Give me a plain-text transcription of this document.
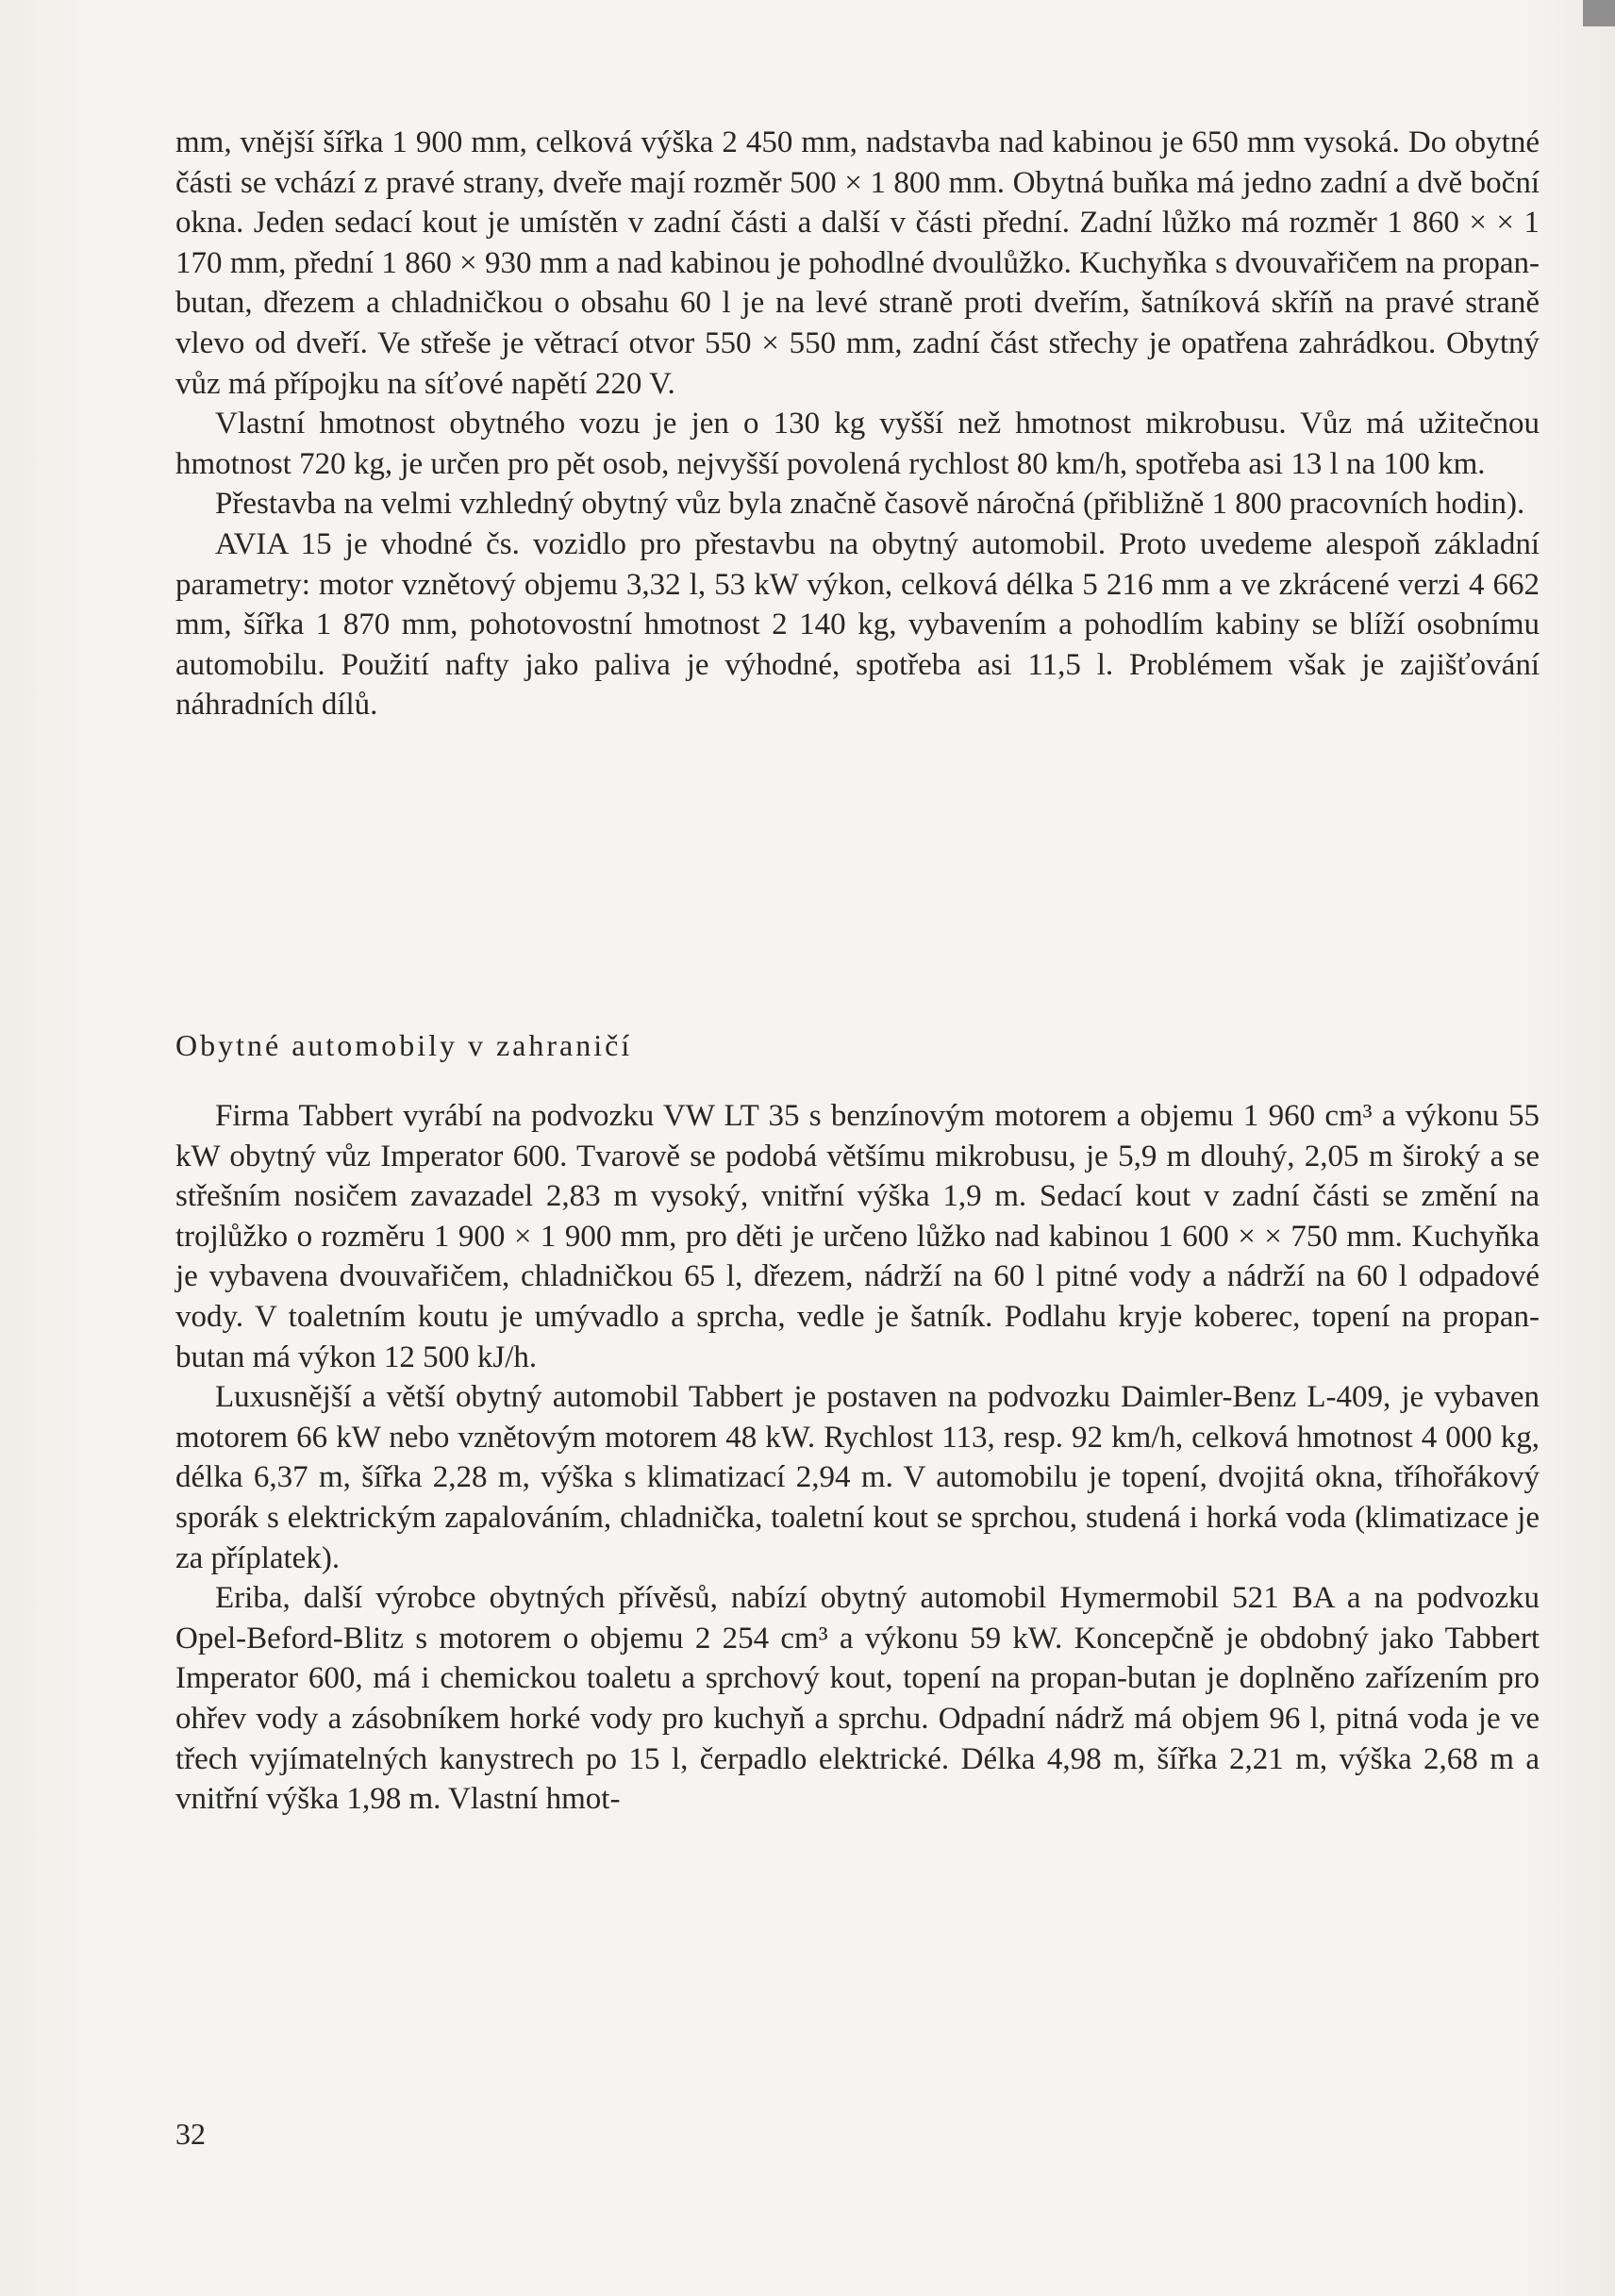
mm, vnější šířka 1 900 mm, celková výška 2 450 mm, nadstavba nad kabinou je 650 mm vysoká. Do obytné části se vchází z pravé strany, dveře mají rozměr 500 × 1 800 mm. Obytná buňka má jedno zadní a dvě boční okna. Jeden sedací kout je umístěn v zadní části a další v části přední. Zadní lůžko má rozměr 1 860 × × 1 170 mm, přední 1 860 × 930 mm a nad kabinou je pohodlné dvoulůžko. Kuchyňka s dvouvařičem na propan-butan, dřezem a chladničkou o obsahu 60 l je na levé straně proti dveřím, šatníková skříň na pravé straně vlevo od dveří. Ve střeše je větrací otvor 550 × 550 mm, zadní část střechy je opatřena zahrádkou. Obytný vůz má přípojku na síťové napětí 220 V.

Vlastní hmotnost obytného vozu je jen o 130 kg vyšší než hmotnost mikrobusu. Vůz má užitečnou hmotnost 720 kg, je určen pro pět osob, nejvyšší povolená rychlost 80 km/h, spotřeba asi 13 l na 100 km.

Přestavba na velmi vzhledný obytný vůz byla značně časově náročná (přibližně 1 800 pracovních hodin).

AVIA 15 je vhodné čs. vozidlo pro přestavbu na obytný automobil. Proto uvedeme alespoň základní parametry: motor vznětový objemu 3,32 l, 53 kW výkon, celková délka 5 216 mm a ve zkrácené verzi 4 662 mm, šířka 1 870 mm, pohotovostní hmotnost 2 140 kg, vybavením a pohodlím kabiny se blíží osobnímu automobilu. Použití nafty jako paliva je výhodné, spotřeba asi 11,5 l. Problémem však je zajišťování náhradních dílů.

Obytné automobily v zahraničí

Firma Tabbert vyrábí na podvozku VW LT 35 s benzínovým motorem a objemu 1 960 cm³ a výkonu 55 kW obytný vůz Imperator 600. Tvarově se podobá většímu mikrobusu, je 5,9 m dlouhý, 2,05 m široký a se střešním nosičem zavazadel 2,83 m vysoký, vnitřní výška 1,9 m. Sedací kout v zadní části se změní na trojlůžko o rozměru 1 900 × 1 900 mm, pro děti je určeno lůžko nad kabinou 1 600 × × 750 mm. Kuchyňka je vybavena dvouvařičem, chladničkou 65 l, dřezem, nádrží na 60 l pitné vody a nádrží na 60 l odpadové vody. V toaletním koutu je umývadlo a sprcha, vedle je šatník. Podlahu kryje koberec, topení na propan-butan má výkon 12 500 kJ/h.

Luxusnější a větší obytný automobil Tabbert je postaven na podvozku Daimler-Benz L-409, je vybaven motorem 66 kW nebo vznětovým motorem 48 kW. Rychlost 113, resp. 92 km/h, celková hmotnost 4 000 kg, délka 6,37 m, šířka 2,28 m, výška s klimatizací 2,94 m. V automobilu je topení, dvojitá okna, tříhořákový sporák s elektrickým zapalováním, chladnička, toaletní kout se sprchou, studená i horká voda (klimatizace je za příplatek).

Eriba, další výrobce obytných přívěsů, nabízí obytný automobil Hymermobil 521 BA a na podvozku Opel-Beford-Blitz s motorem o objemu 2 254 cm³ a výkonu 59 kW. Koncepčně je obdobný jako Tabbert Imperator 600, má i chemickou toaletu a sprchový kout, topení na propan-butan je doplněno zařízením pro ohřev vody a zásobníkem horké vody pro kuchyň a sprchu. Odpadní nádrž má objem 96 l, pitná voda je ve třech vyjímatelných kanystrech po 15 l, čerpadlo elektrické. Délka 4,98 m, šířka 2,21 m, výška 2,68 m a vnitřní výška 1,98 m. Vlastní hmot-

32
